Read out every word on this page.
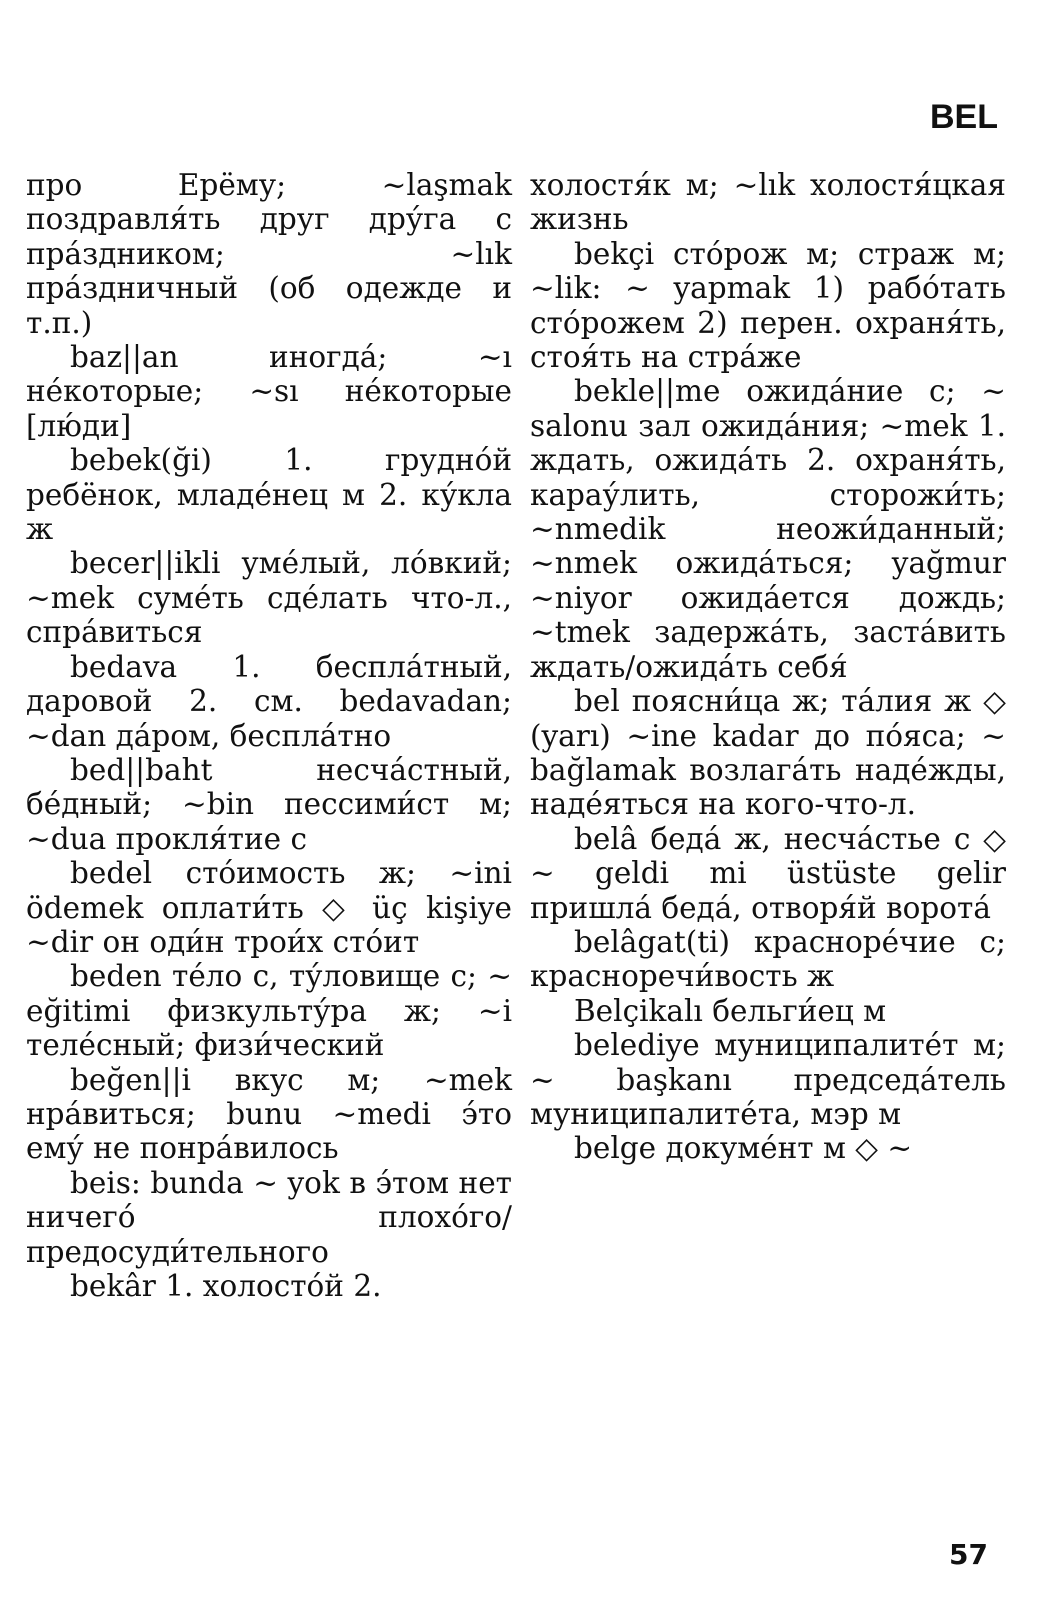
BEL

про Ерёму; ~laşmak поздравля́ть друг дру́га с пра́здником; ~lık пра́здничный (об одежде и т.п.)

baz||an иногда́; ~ı не́которые; ~sı не́которые [лю́ди]

bebek(ği) 1. грудно́й ребёнок, младе́нец м 2. ку́кла ж

becer||ikli уме́лый, ло́вкий; ~mek суме́ть сде́лать что-л., спра́виться

bedava 1. беспла́тный, даровой 2. см. bedavadan; ~dan да́ром, беспла́тно

bed||baht несча́стный, бе́дный; ~bin пессими́ст м; ~dua прокля́тие с

bedel сто́имость ж; ~ini ödemek оплати́ть ◇ üç kişiye ~dir он оди́н трои́х сто́ит

beden те́ло с, ту́ловище с; ~ eğitimi физкульту́ра ж; ~i теле́сный; физи́ческий

beğen||i вкус м; ~mek нра́виться; bunu ~medi э́то ему́ не понра́вилось

beis: bunda ~ yok в э́том нет ничего́ плохо́го/предосуди́тельного

bekâr 1. холосто́й 2.

холостя́к м; ~lık холостя́цкая жизнь

bekçi сто́рож м; страж м; ~lik: ~ yapmak 1) рабо́тать сто́рожем 2) перен. охраня́ть, стоя́ть на стра́же

bekle||me ожида́ние с; ~ salonu зал ожида́ния; ~mek 1. ждать, ожида́ть 2. охраня́ть, карау́лить, сторожи́ть; ~nmedik неожи́данный; ~nmek ожида́ться; yağmur ~niyor ожида́ется дождь; ~tmek задержа́ть, заста́вить ждать/ожида́ть себя́

bel поясни́ца ж; та́лия ж ◇ (yarı) ~ine kadar до по́яса; ~ bağlamak возлага́ть наде́жды, наде́яться на кого-что-л.

belâ беда́ ж, несча́стье с ◇ ~ geldi mi üstüste gelir пришла́ беда́, отворя́й ворота́

belâgat(ti) красноре́чие с; красноречи́вость ж

Belçikalı бельги́ец м

belediye муниципалите́т м; ~ başkanı председа́тель муниципалите́та, мэр м

belge докуме́нт м ◇ ~

57
